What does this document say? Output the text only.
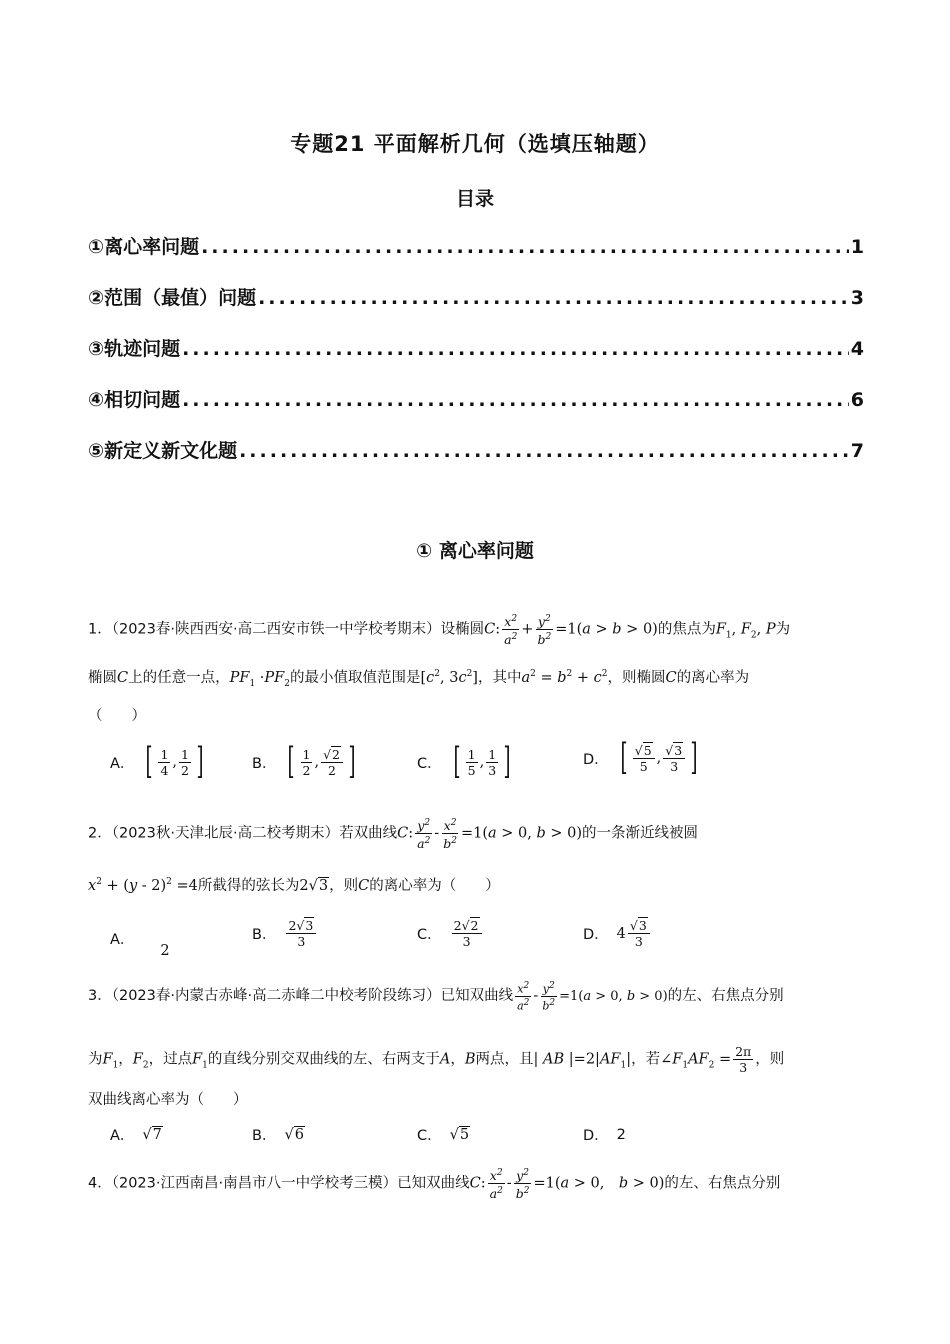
专题21 平面解析几何（选填压轴题）
目录
①离心率问题 .....	1
②范围（最值）问题 .....	3
③轨迹问题 .....	4
④相切问题 .....	6
⑤新定义新文化题 .....	7
① 离心率问题
1．（2023春·陕西西安·高二西安市铁一中学校考期末）设椭圆C: $\frac{x^2}{a^2} + \frac{y^2}{b^2} =1(a > b > 0)$的焦点为$F_1$, $F_2$, P为
椭圆C上的任意一点，$PF_1 \cdot PF_2$的最小值取值范围是[$c^2$, $3c^2$]，其中$a^2 = b^2 + c^2$，则椭圆C的离心率为
（　　）
A． [ $\frac{1}{4}$ , $\frac{1}{2}$ ]	B． [ $\frac{1}{2}$ , $\frac{√2}{2}$ ]	C． [ $\frac{1}{5}$ , $\frac{1}{3}$ ]	D． [ $\frac{√5}{5}$ , $\frac{√3}{3}$ ]
2．（2023秋·天津北辰·高二校考期末）若双曲线C: $\frac{y^2}{a^2} - \frac{x^2}{b^2} =1(a > 0$, b > 0)的一条渐近线被圆
$x^2 + (y - 2)^2 =4$所截得的弦长为2√3，则C的离心率为（　　）
A．
2
B． $\frac{2√3}{3}$	C． $\frac{2√2}{3}$	D． $4 \frac{√3}{3}$
3．（2023春·内蒙古赤峰·高二赤峰二中校考阶段练习）已知双曲线 $\frac{x^2}{a^2} - \frac{y^2}{b^2} =1(a > 0$, b > 0)的左、右焦点分别
为$F_1$，$F_2$，过点$F_1$的直线分别交双曲线的左、右两支于A，B两点，且| AB $|=2|AF_1|$，若$\angle F_1AF_2 = \frac{2\pi}{3}$ ，则
双曲线离心率为（　　）
A． √7	B． √6	C． √5	D． 2
4．（2023·江西南昌·南昌市八一中学校考三模）已知双曲线C: $\frac{x^2}{a^2} - \frac{y^2}{b^2} =1(a > 0$,　b > 0)的左、右焦点分别
